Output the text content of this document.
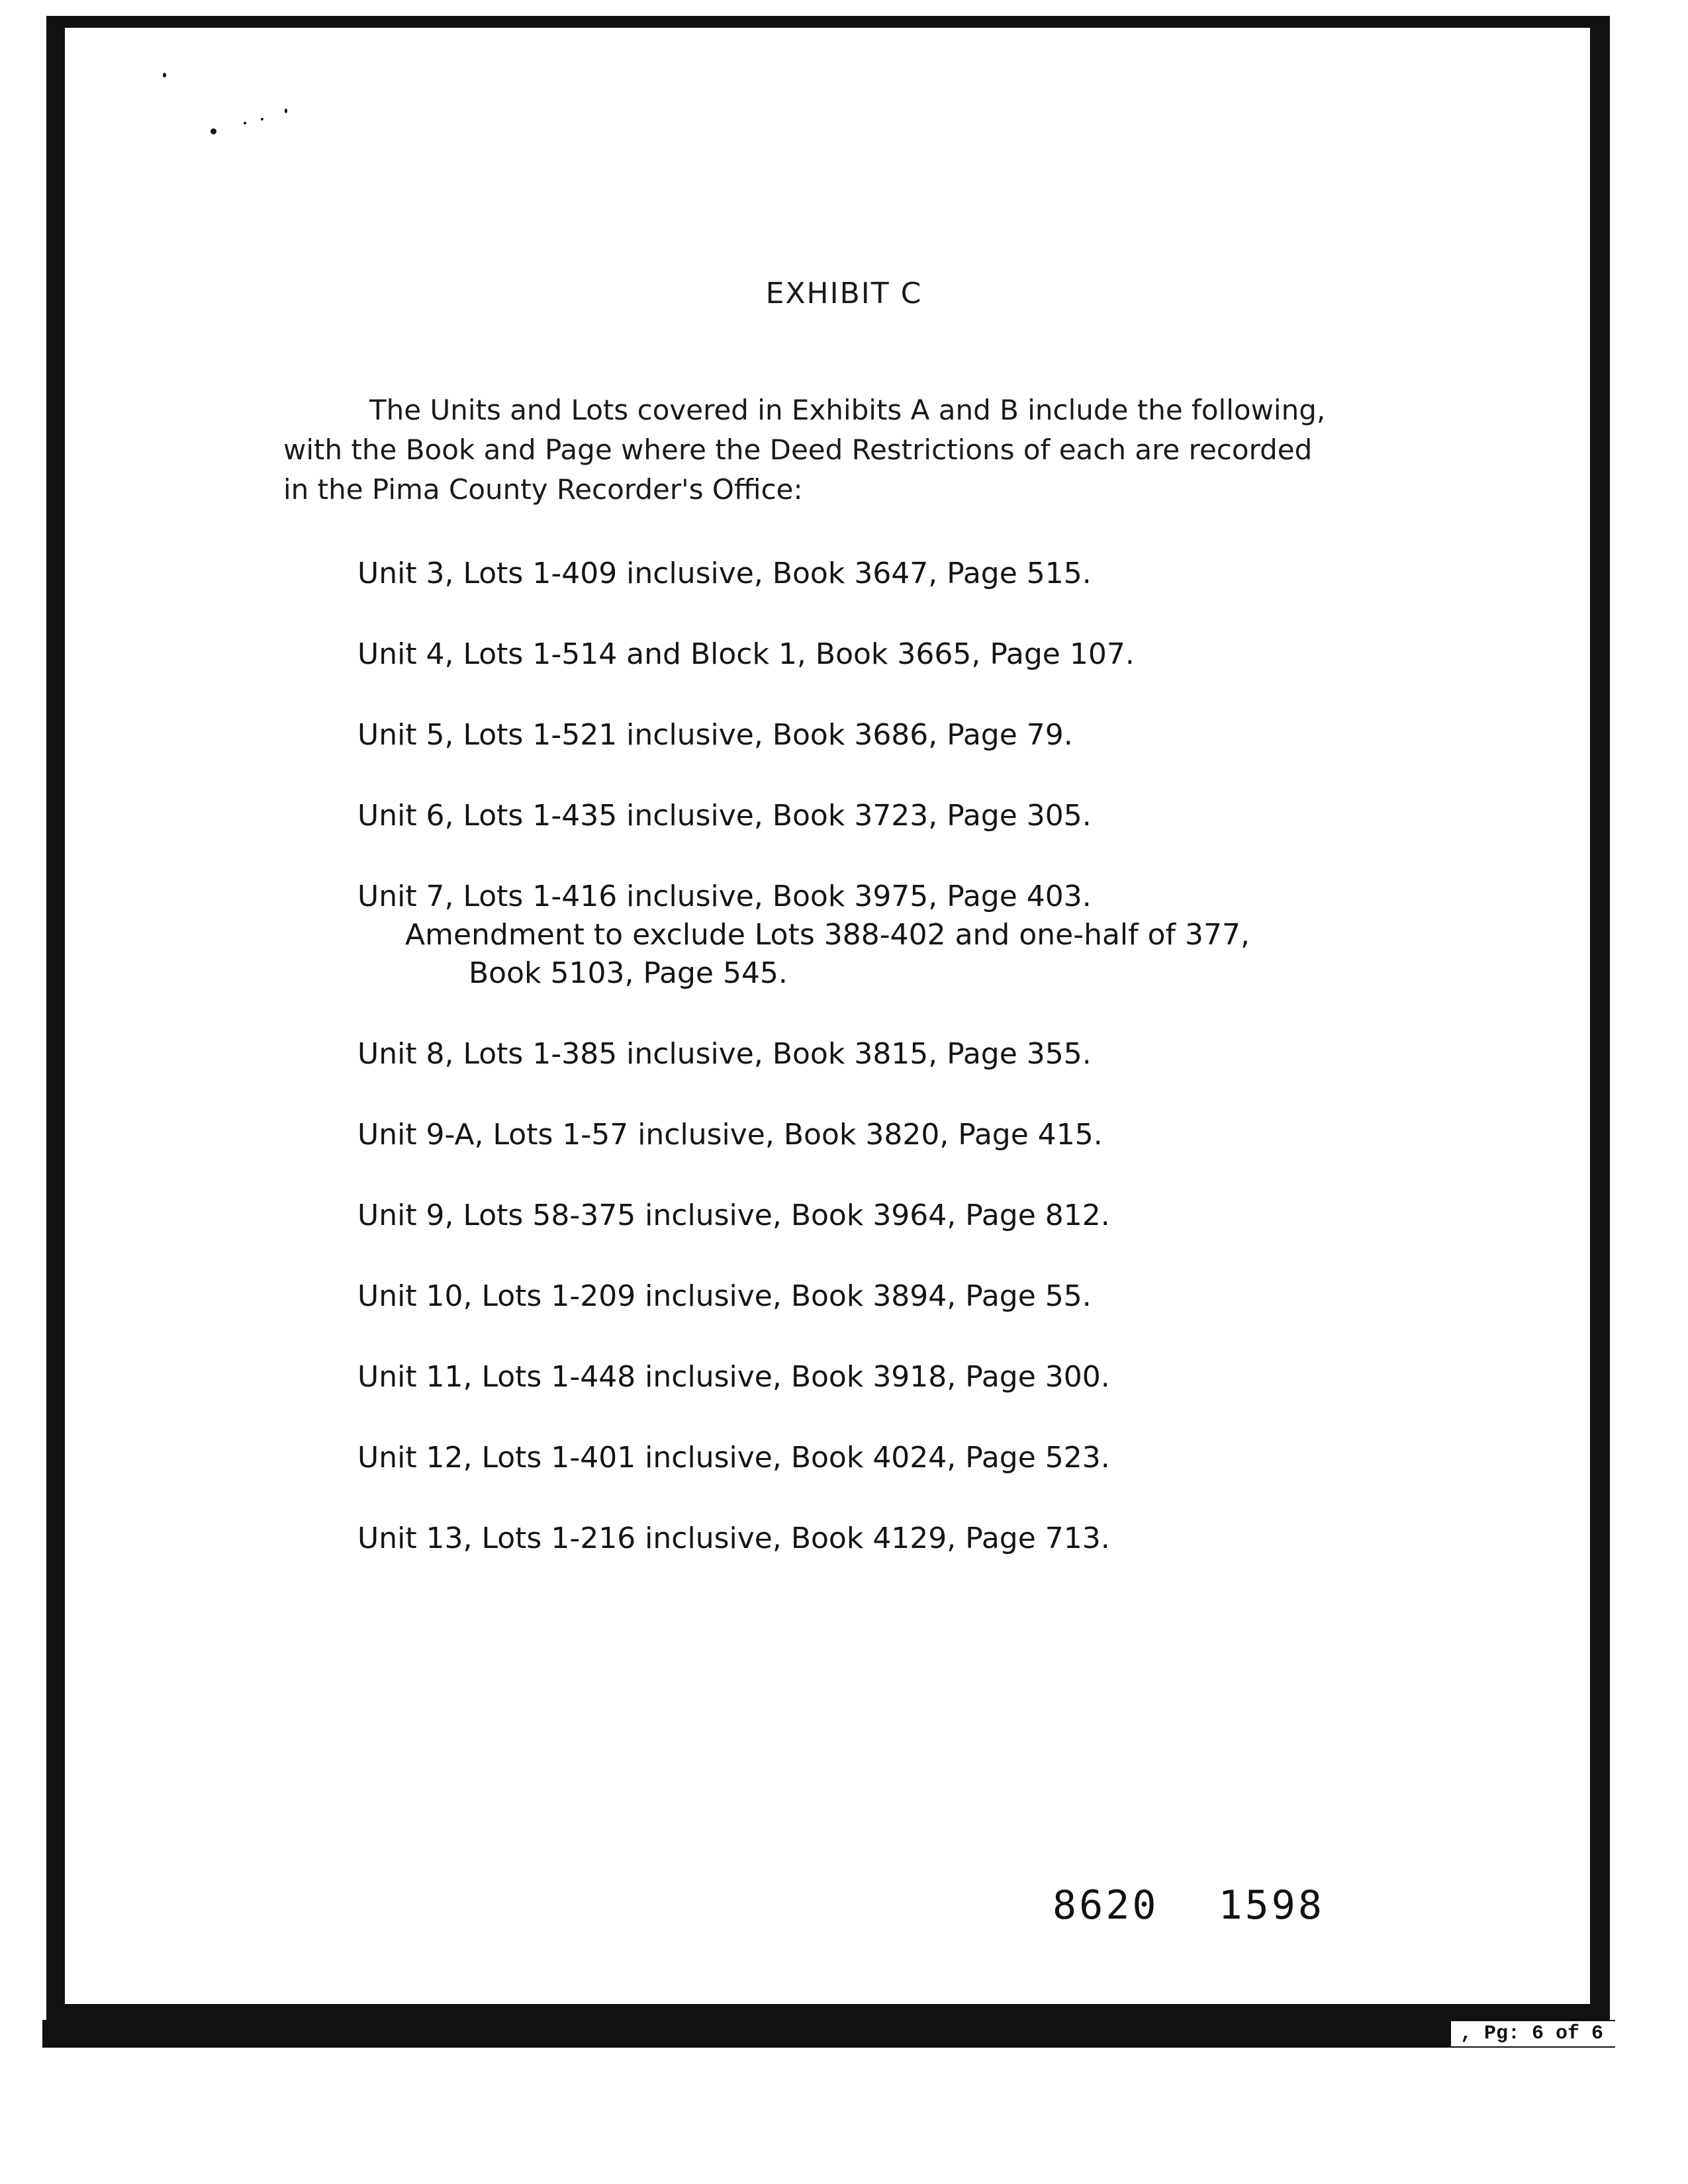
, Pg: 6 of 6
EXHIBIT C

The Units and Lots covered in Exhibits A and B include the following,

with the Book and Page where the Deed Restrictions of each are recorded

in the Pima County Recorder's Office:

Unit 3, Lots 1-409 inclusive, Book 3647, Page 515.
Unit 4, Lots 1-514 and Block 1, Book 3665, Page 107.
Unit 5, Lots 1-521 inclusive, Book 3686, Page 79.
Unit 6, Lots 1-435 inclusive, Book 3723, Page 305.
Unit 7, Lots 1-416 inclusive, Book 3975, Page 403.
Amendment to exclude Lots 388-402 and one-half of 377,
Book 5103, Page 545.
Unit 8, Lots 1-385 inclusive, Book 3815, Page 355.
Unit 9-A, Lots 1-57 inclusive, Book 3820, Page 415.
Unit 9, Lots 58-375 inclusive, Book 3964, Page 812.
Unit 10, Lots 1-209 inclusive, Book 3894, Page 55.
Unit 11, Lots 1-448 inclusive, Book 3918, Page 300.
Unit 12, Lots 1-401 inclusive, Book 4024, Page 523.
Unit 13, Lots 1-216 inclusive, Book 4129, Page 713.
8620 1598
